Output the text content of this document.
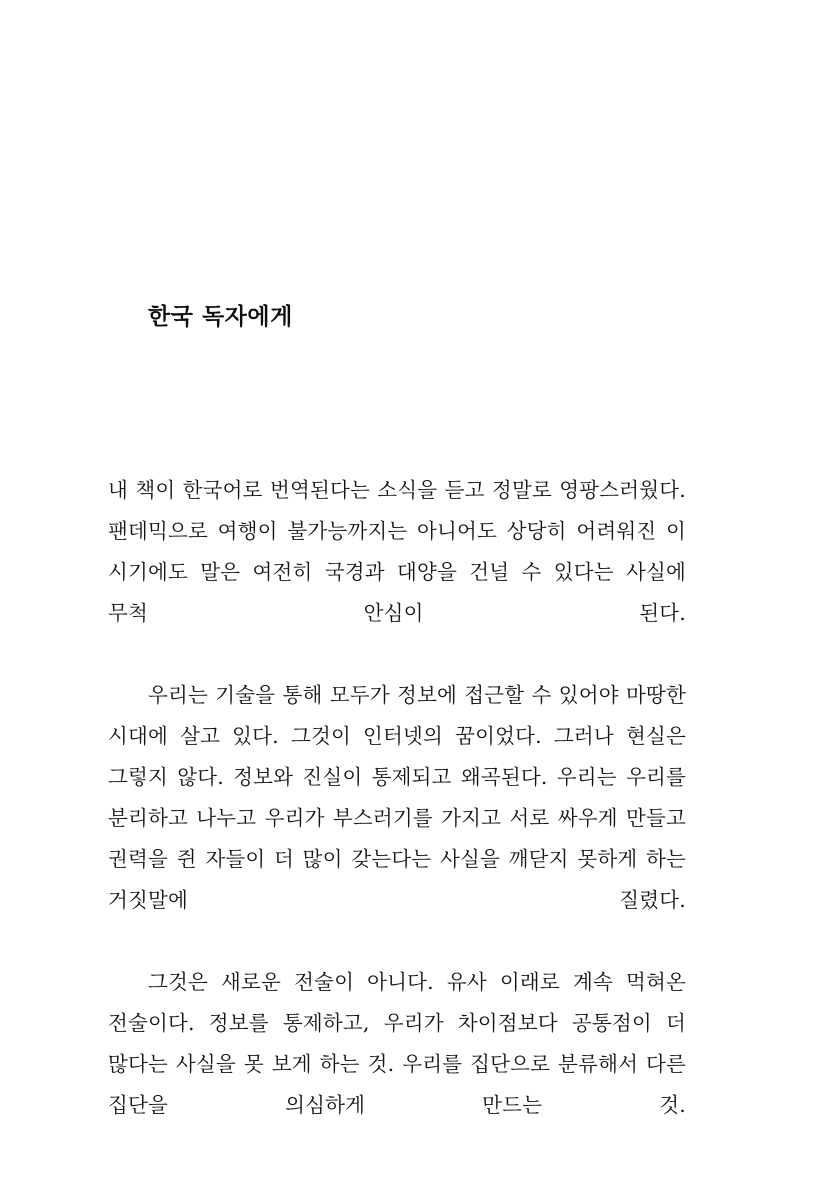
한국 독자에게

내 책이 한국어로 번역된다는 소식을 듣고 정말로 영팡스러웠다. 팬데믹으로 여행이 불가능까지는 아니어도 상당히 어려워진 이 시기에도 말은 여전히 국경과 대양을 건널 수 있다는 사실에 무척 안심이 된다.

우리는 기술을 통해 모두가 정보에 접근할 수 있어야 마땅한 시대에 살고 있다. 그것이 인터넷의 꿈이었다. 그러나 현실은 그렇지 않다. 정보와 진실이 통제되고 왜곡된다. 우리는 우리를 분리하고 나누고 우리가 부스러기를 가지고 서로 싸우게 만들고 권력을 쥔 자들이 더 많이 갖는다는 사실을 깨닫지 못하게 하는 거짓말에 질렸다.

그것은 새로운 전술이 아니다. 유사 이래로 계속 먹혀온 전술이다. 정보를 통제하고, 우리가 차이점보다 공통점이 더 많다는 사실을 못 보게 하는 것. 우리를 집단으로 분류해서 다른 집단을 의심하게 만드는 것.
